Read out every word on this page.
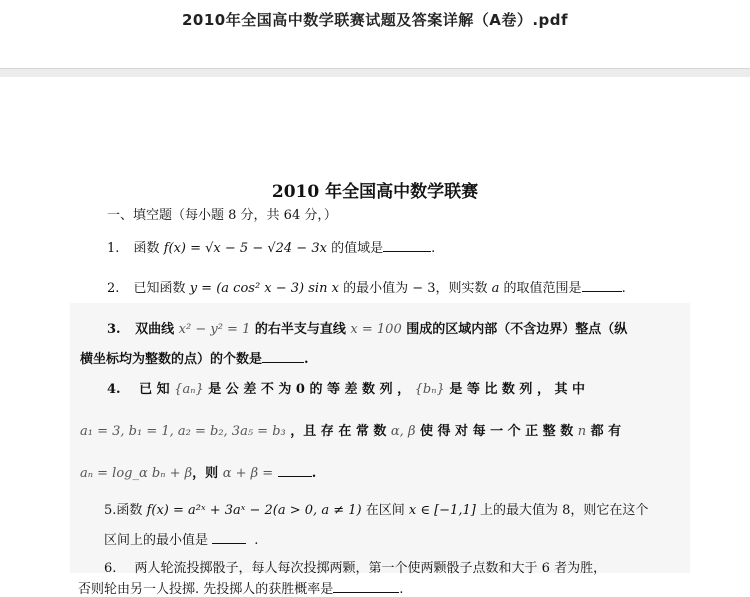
2010年全国高中数学联赛试题及答案详解（A卷）.pdf
2010 年全国高中数学联赛
一、填空题（每小题 8 分，共 64 分，）
1. 函数 f(x) = √x − 5 − √24 − 3x 的值域是	.
2. 已知函数 y = (a cos² x − 3) sin x 的最小值为 − 3，则实数 a 的取值范围是	.
3. 双曲线 x² − y² = 1 的右半支与直线 x = 100 围成的区域内部（不含边界）整点（纵
横坐标均为整数的点）的个数是	.
4. 已 知 {aₙ} 是 公 差 不 为 0 的 等 差 数 列 ， {bₙ} 是 等 比 数 列 ， 其 中
a₁ = 3, b₁ = 1, a₂ = b₂, 3a₅ = b₃ ，且 存 在 常 数 α, β 使 得 对 每 一 个 正 整 数 n 都 有
aₙ = log_α bₙ + β，则 α + β =	.
5.函数 f(x) = a²ˣ + 3aˣ − 2(a > 0, a ≠ 1) 在区间 x ∈ [−1,1] 上的最大值为 8，则它在这个
区间上的最小值是	.
6. 两人轮流投掷骰子，每人每次投掷两颗，第一个使两颗骰子点数和大于 6 者为胜，
否则轮由另一人投掷. 先投掷人的获胜概率是	.
